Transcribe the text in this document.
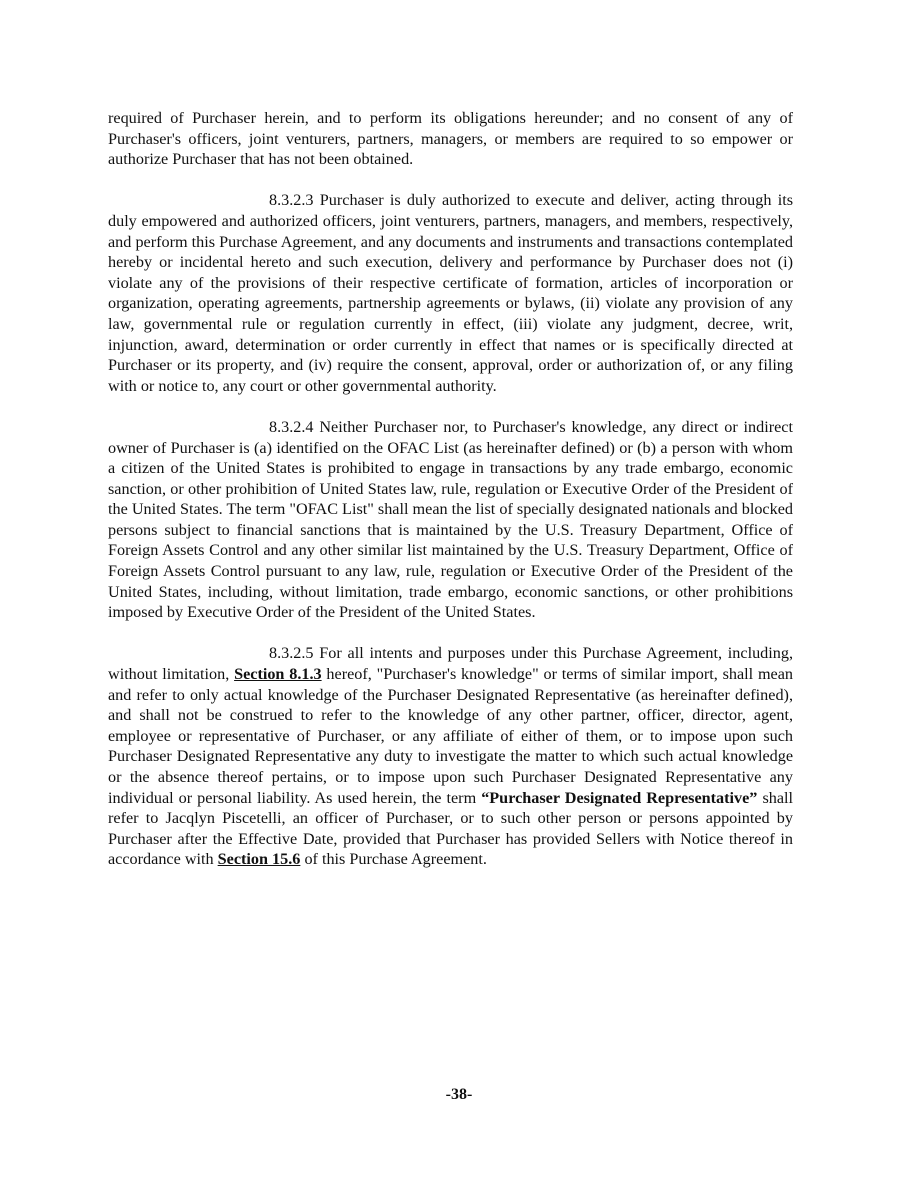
required of Purchaser herein, and to perform its obligations hereunder; and no consent of any of Purchaser's officers, joint venturers, partners, managers, or members are required to so empower or authorize Purchaser that has not been obtained.

8.3.2.3 Purchaser is duly authorized to execute and deliver, acting through its duly empowered and authorized officers, joint venturers, partners, managers, and members, respectively, and perform this Purchase Agreement, and any documents and instruments and transactions contemplated hereby or incidental hereto and such execution, delivery and performance by Purchaser does not (i) violate any of the provisions of their respective certificate of formation, articles of incorporation or organization, operating agreements, partnership agreements or bylaws, (ii) violate any provision of any law, governmental rule or regulation currently in effect, (iii) violate any judgment, decree, writ, injunction, award, determination or order currently in effect that names or is specifically directed at Purchaser or its property, and (iv) require the consent, approval, order or authorization of, or any filing with or notice to, any court or other governmental authority.

8.3.2.4 Neither Purchaser nor, to Purchaser's knowledge, any direct or indirect owner of Purchaser is (a) identified on the OFAC List (as hereinafter defined) or (b) a person with whom a citizen of the United States is prohibited to engage in transactions by any trade embargo, economic sanction, or other prohibition of United States law, rule, regulation or Executive Order of the President of the United States. The term "OFAC List" shall mean the list of specially designated nationals and blocked persons subject to financial sanctions that is maintained by the U.S. Treasury Department, Office of Foreign Assets Control and any other similar list maintained by the U.S. Treasury Department, Office of Foreign Assets Control pursuant to any law, rule, regulation or Executive Order of the President of the United States, including, without limitation, trade embargo, economic sanctions, or other prohibitions imposed by Executive Order of the President of the United States.

8.3.2.5 For all intents and purposes under this Purchase Agreement, including, without limitation, Section 8.1.3 hereof, "Purchaser's knowledge" or terms of similar import, shall mean and refer to only actual knowledge of the Purchaser Designated Representative (as hereinafter defined), and shall not be construed to refer to the knowledge of any other partner, officer, director, agent, employee or representative of Purchaser, or any affiliate of either of them, or to impose upon such Purchaser Designated Representative any duty to investigate the matter to which such actual knowledge or the absence thereof pertains, or to impose upon such Purchaser Designated Representative any individual or personal liability. As used herein, the term “Purchaser Designated Representative” shall refer to Jacqlyn Piscetelli, an officer of Purchaser, or to such other person or persons appointed by Purchaser after the Effective Date, provided that Purchaser has provided Sellers with Notice thereof in accordance with Section 15.6 of this Purchase Agreement.

-38-
